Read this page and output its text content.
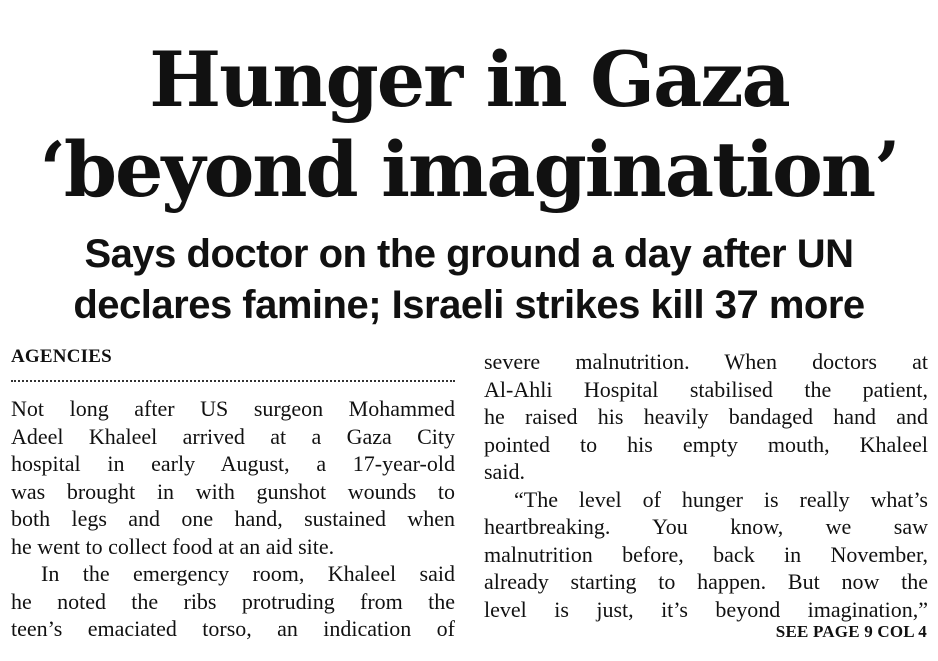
Hunger in Gaza
‘beyond imagination’
Says doctor on the ground a day after UN
declares famine; Israeli strikes kill 37 more
AGENCIES
Not long after US surgeon Mohammed
Adeel Khaleel arrived at a Gaza City
hospital in early August, a 17-year-old
was brought in with gunshot wounds to
both legs and one hand, sustained when
he went to collect food at an aid site.
In the emergency room, Khaleel said
he noted the ribs protruding from the
teen’s emaciated torso, an indication of
severe malnutrition. When doctors at
Al-Ahli Hospital stabilised the patient,
he raised his heavily bandaged hand and
pointed to his empty mouth, Khaleel
said.
“The level of hunger is really what’s
heartbreaking. You know, we saw
malnutrition before, back in November,
already starting to happen. But now the
level is just, it’s beyond imagination,”
SEE PAGE 9 COL 4
